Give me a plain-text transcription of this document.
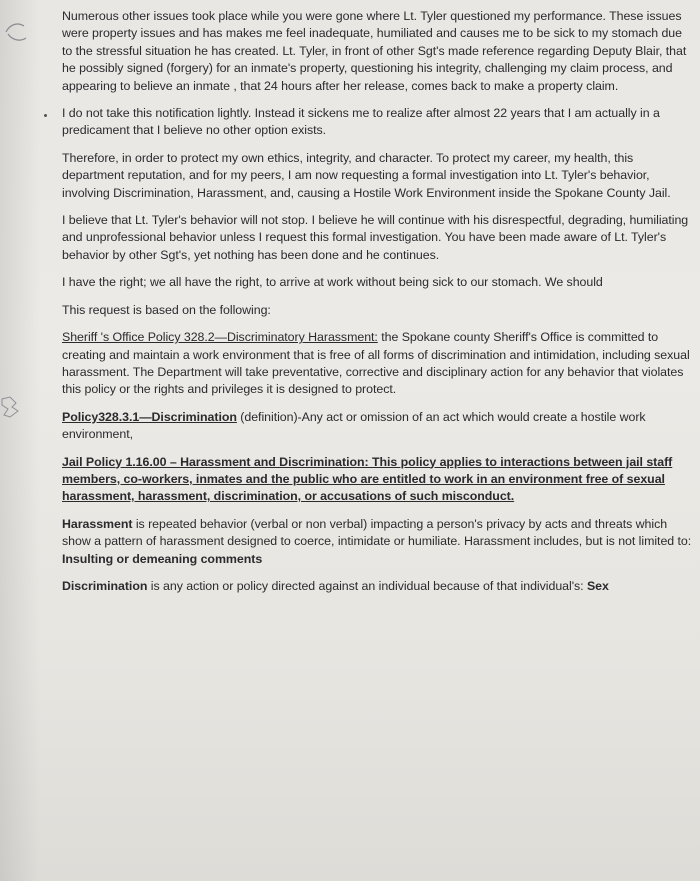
Numerous other issues took place while you were gone where Lt. Tyler questioned my performance. These issues were property issues and has makes me feel inadequate, humiliated and causes me to be sick to my stomach due to the stressful situation he has created. Lt. Tyler, in front of other Sgt's made reference regarding Deputy Blair, that he possibly signed (forgery) for an inmate's property, questioning his integrity, challenging my claim process, and appearing to believe an inmate , that 24 hours after her release, comes back to make a property claim.

I do not take this notification lightly. Instead it sickens me to realize after almost 22 years that I am actually in a predicament that I believe no other option exists.

Therefore, in order to protect my own ethics, integrity, and character. To protect my career, my health, this department reputation, and for my peers, I am now requesting a formal investigation into Lt. Tyler's behavior, involving Discrimination, Harassment, and, causing a Hostile Work Environment inside the Spokane County Jail.

I believe that Lt. Tyler's behavior will not stop. I believe he will continue with his disrespectful, degrading, humiliating and unprofessional behavior unless I request this formal investigation. You have been made aware of Lt. Tyler's behavior by other Sgt's, yet nothing has been done and he continues.

I have the right; we all have the right, to arrive at work without being sick to our stomach. We should

This request is based on the following:

Sheriff 's Office Policy 328.2—Discriminatory Harassment: the Spokane county Sheriff's Office is committed to creating and maintain a work environment that is free of all forms of discrimination and intimidation, including sexual harassment. The Department will take preventative, corrective and disciplinary action for any behavior that violates this policy or the rights and privileges it is designed to protect.

Policy328.3.1—Discrimination (definition)-Any act or omission of an act which would create a hostile work environment,

Jail Policy 1.16.00 – Harassment and Discrimination: This policy applies to interactions between jail staff members, co-workers, inmates and the public who are entitled to work in an environment free of sexual harassment, harassment, discrimination, or accusations of such misconduct.

Harassment is repeated behavior (verbal or non verbal) impacting a person's privacy by acts and threats which show a pattern of harassment designed to coerce, intimidate or humiliate. Harassment includes, but is not limited to: Insulting or demeaning comments

Discrimination is any action or policy directed against an individual because of that individual's: Sex
